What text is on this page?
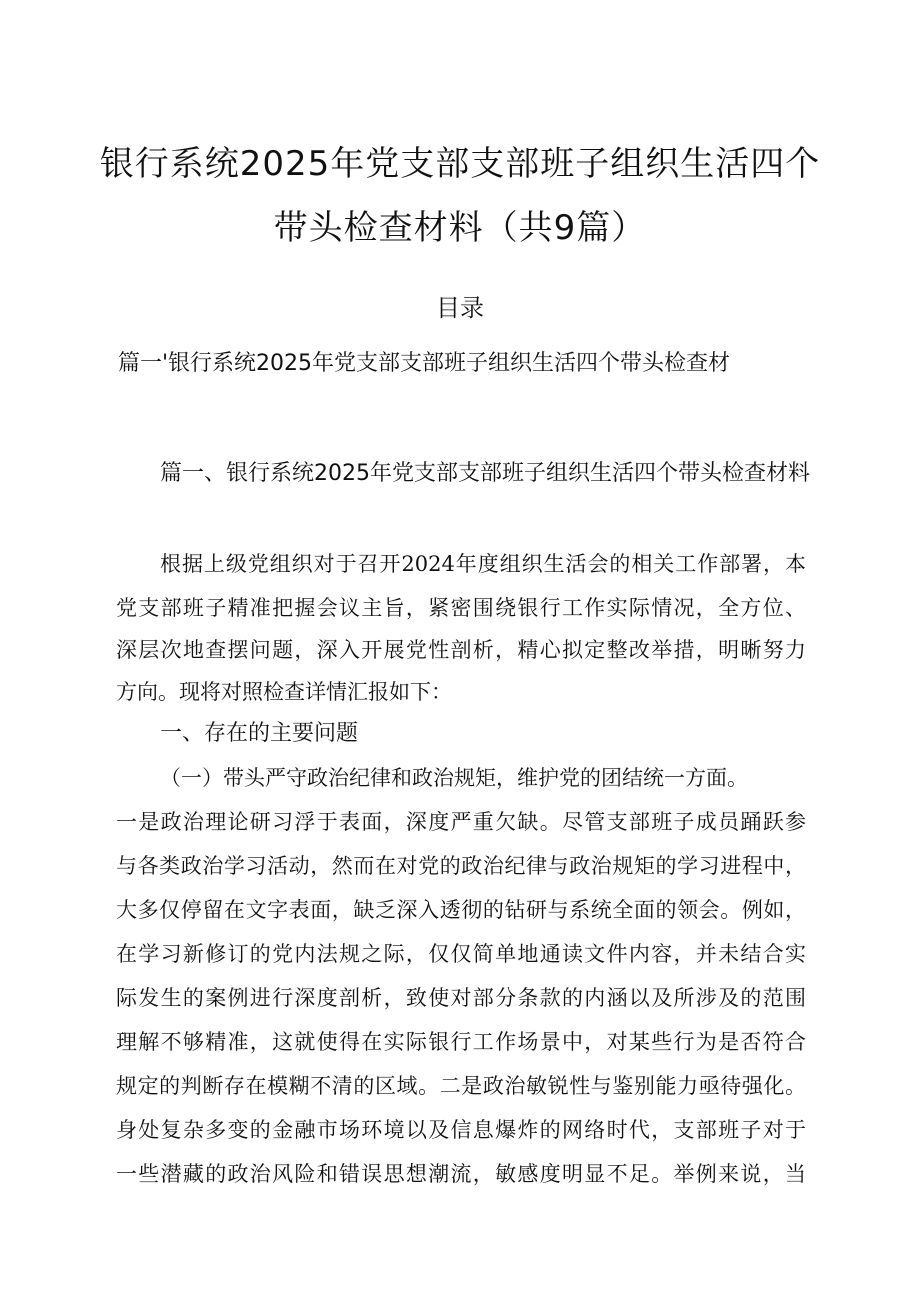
银行系统2025年党支部支部班子组织生活四个
带头检查材料（共9篇）
目录
篇一'银行系统2025年党支部支部班子组织生活四个带头检查材
篇一、银行系统2025年党支部支部班子组织生活四个带头检查材料
根据上级党组织对于召开2024年度组织生活会的相关工作部署，本
党支部班子精准把握会议主旨，紧密围绕银行工作实际情况，全方位、
深层次地查摆问题，深入开展党性剖析，精心拟定整改举措，明晰努力
方向。现将对照检查详情汇报如下：
一、存在的主要问题
（一）带头严守政治纪律和政治规矩，维护党的团结统一方面。
一是政治理论研习浮于表面，深度严重欠缺。尽管支部班子成员踊跃参
与各类政治学习活动，然而在对党的政治纪律与政治规矩的学习进程中，
大多仅停留在文字表面，缺乏深入透彻的钻研与系统全面的领会。例如，
在学习新修订的党内法规之际，仅仅简单地通读文件内容，并未结合实
际发生的案例进行深度剖析，致使对部分条款的内涵以及所涉及的范围
理解不够精准，这就使得在实际银行工作场景中，对某些行为是否符合
规定的判断存在模糊不清的区域。二是政治敏锐性与鉴别能力亟待强化。
身处复杂多变的金融市场环境以及信息爆炸的网络时代，支部班子对于
一些潜藏的政治风险和错误思想潮流，敏感度明显不足。举例来说，当
